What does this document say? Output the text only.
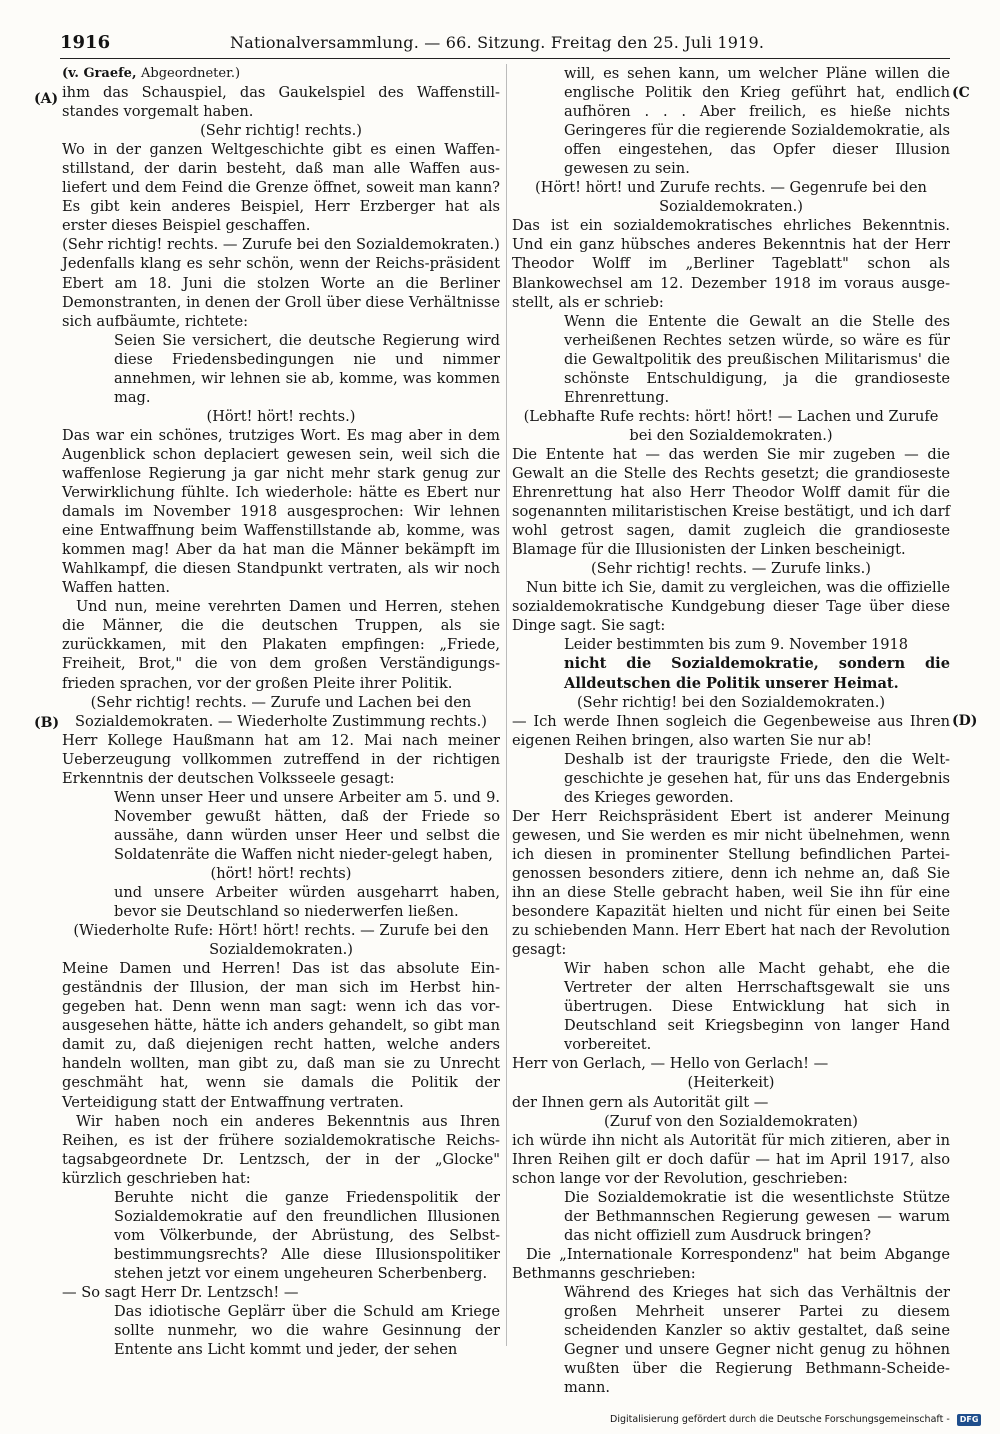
1916	Nationalversammlung. — 66. Sitzung. Freitag den 25. Juli 1919.
(A)
(B)
(C
(D)

(v. Graefe, Abgeordneter.)

ihm das Schauspiel, das Gaukelspiel des Waffenstill-standes vorgemalt haben.

(Sehr richtig! rechts.)

Wo in der ganzen Weltgeschichte gibt es einen Waffen-stillstand, der darin besteht, daß man alle Waffen aus-liefert und dem Feind die Grenze öffnet, soweit man kann? Es gibt kein anderes Beispiel, Herr Erzberger hat als erster dieses Beispiel geschaffen.

(Sehr richtig! rechts. — Zurufe bei den Sozialdemokraten.)

Jedenfalls klang es sehr schön, wenn der Reichs-präsident Ebert am 18. Juni die stolzen Worte an die Berliner Demonstranten, in denen der Groll über diese Verhältnisse sich aufbäumte, richtete:

Seien Sie versichert, die deutsche Regierung wird diese Friedensbedingungen nie und nimmer annehmen, wir lehnen sie ab, komme, was kommen mag.

(Hört! hört! rechts.)

Das war ein schönes, trutziges Wort. Es mag aber in dem Augenblick schon deplaciert gewesen sein, weil sich die waffenlose Regierung ja gar nicht mehr stark genug zur Verwirklichung fühlte. Ich wiederhole: hätte es Ebert nur damals im November 1918 ausgesprochen: Wir lehnen eine Entwaffnung beim Waffenstillstande ab, komme, was kommen mag! Aber da hat man die Männer bekämpft im Wahlkampf, die diesen Standpunkt vertraten, als wir noch Waffen hatten.

Und nun, meine verehrten Damen und Herren, stehen die Männer, die die deutschen Truppen, als sie zurückkamen, mit den Plakaten empfingen: „Friede, Freiheit, Brot," die von dem großen Verständigungs-frieden sprachen, vor der großen Pleite ihrer Politik.

(Sehr richtig! rechts. — Zurufe und Lachen bei den Sozialdemokraten. — Wiederholte Zustimmung rechts.)

Herr Kollege Haußmann hat am 12. Mai nach meiner Ueberzeugung vollkommen zutreffend in der richtigen Erkenntnis der deutschen Volksseele gesagt:

Wenn unser Heer und unsere Arbeiter am 5. und 9. November gewußt hätten, daß der Friede so aussähe, dann würden unser Heer und selbst die Soldatenräte die Waffen nicht nieder-gelegt haben,

(hört! hört! rechts)

und unsere Arbeiter würden ausgeharrt haben, bevor sie Deutschland so niederwerfen ließen.

(Wiederholte Rufe: Hört! hört! rechts. — Zurufe bei den Sozialdemokraten.)

Meine Damen und Herren! Das ist das absolute Ein-geständnis der Illusion, der man sich im Herbst hin-gegeben hat. Denn wenn man sagt: wenn ich das vor-ausgesehen hätte, hätte ich anders gehandelt, so gibt man damit zu, daß diejenigen recht hatten, welche anders handeln wollten, man gibt zu, daß man sie zu Unrecht geschmäht hat, wenn sie damals die Politik der Verteidigung statt der Entwaffnung vertraten.

Wir haben noch ein anderes Bekenntnis aus Ihren Reihen, es ist der frühere sozialdemokratische Reichs-tagsabgeordnete Dr. Lentzsch, der in der „Glocke" kürzlich geschrieben hat:

Beruhte nicht die ganze Friedenspolitik der Sozialdemokratie auf den freundlichen Illusionen vom Völkerbunde, der Abrüstung, des Selbst-bestimmungsrechts? Alle diese Illusionspolitiker stehen jetzt vor einem ungeheuren Scherbenberg.

— So sagt Herr Dr. Lentzsch! —

Das idiotische Geplärr über die Schuld am Kriege sollte nunmehr, wo die wahre Gesinnung der Entente ans Licht kommt und jeder, der sehen

will, es sehen kann, um welcher Pläne willen die englische Politik den Krieg geführt hat, endlich aufhören . . . Aber freilich, es hieße nichts Geringeres für die regierende Sozialdemokratie, als offen eingestehen, das Opfer dieser Illusion gewesen zu sein.

(Hört! hört! und Zurufe rechts. — Gegenrufe bei den Sozialdemokraten.)

Das ist ein sozialdemokratisches ehrliches Bekenntnis. Und ein ganz hübsches anderes Bekenntnis hat der Herr Theodor Wolff im „Berliner Tageblatt" schon als Blankowechsel am 12. Dezember 1918 im voraus ausge-stellt, als er schrieb:

Wenn die Entente die Gewalt an die Stelle des verheißenen Rechtes setzen würde, so wäre es für die Gewaltpolitik des preußischen Militarismus' die schönste Entschuldigung, ja die grandioseste Ehrenrettung.

(Lebhafte Rufe rechts: hört! hört! — Lachen und Zurufe bei den Sozialdemokraten.)

Die Entente hat — das werden Sie mir zugeben — die Gewalt an die Stelle des Rechts gesetzt; die grandioseste Ehrenrettung hat also Herr Theodor Wolff damit für die sogenannten militaristischen Kreise bestätigt, und ich darf wohl getrost sagen, damit zugleich die grandioseste Blamage für die Illusionisten der Linken bescheinigt.

(Sehr richtig! rechts. — Zurufe links.)

Nun bitte ich Sie, damit zu vergleichen, was die offizielle sozialdemokratische Kundgebung dieser Tage über diese Dinge sagt. Sie sagt:

Leider bestimmten bis zum 9. November 1918

nicht die Sozialdemokratie, sondern die Alldeutschen die Politik unserer Heimat.

(Sehr richtig! bei den Sozialdemokraten.)

— Ich werde Ihnen sogleich die Gegenbeweise aus Ihren eigenen Reihen bringen, also warten Sie nur ab!

Deshalb ist der traurigste Friede, den die Welt-geschichte je gesehen hat, für uns das Endergebnis des Krieges geworden.

Der Herr Reichspräsident Ebert ist anderer Meinung gewesen, und Sie werden es mir nicht übelnehmen, wenn ich diesen in prominenter Stellung befindlichen Partei-genossen besonders zitiere, denn ich nehme an, daß Sie ihn an diese Stelle gebracht haben, weil Sie ihn für eine besondere Kapazität hielten und nicht für einen bei Seite zu schiebenden Mann. Herr Ebert hat nach der Revolution gesagt:

Wir haben schon alle Macht gehabt, ehe die Vertreter der alten Herrschaftsgewalt sie uns übertrugen. Diese Entwicklung hat sich in Deutschland seit Kriegsbeginn von langer Hand vorbereitet.

Herr von Gerlach, — Hello von Gerlach! —

(Heiterkeit)

der Ihnen gern als Autorität gilt —

(Zuruf von den Sozialdemokraten)

ich würde ihn nicht als Autorität für mich zitieren, aber in Ihren Reihen gilt er doch dafür — hat im April 1917, also schon lange vor der Revolution, geschrieben:

Die Sozialdemokratie ist die wesentlichste Stütze der Bethmannschen Regierung gewesen — warum das nicht offiziell zum Ausdruck bringen?

Die „Internationale Korrespondenz" hat beim Abgange Bethmanns geschrieben:

Während des Krieges hat sich das Verhältnis der großen Mehrheit unserer Partei zu diesem scheidenden Kanzler so aktiv gestaltet, daß seine Gegner und unsere Gegner nicht genug zu höhnen wußten über die Regierung Bethmann-Scheide-mann.

Digitalisierung gefördert durch die Deutsche Forschungsgemeinschaft - DFG
